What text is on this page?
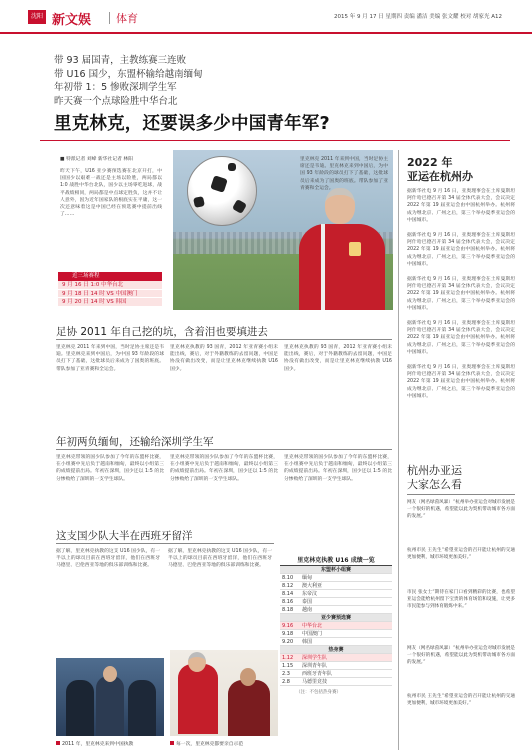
沈阳 新文娱 体育	2015 年 9 月 17 日 星期四 责编 潘洁 美编 张文耀 校对 胡家光 A12
带 93 届国青，主教练赛三连败
带 U16 国少，东盟杯输给越南缅甸
年初带 1：5 惨败深圳学生军
昨天赛一个点球险胜中华台北
里克林克，还要误多少中国青年军?
■ 特派记者 刘峰 新华社记者 林阳
昨天下午，U16 亚少赛预选赛在北京开打，中国国少以艰难一战还是主场以险胜，两局都以 1:0 战胜中华台北队，国少以主场零吃进球，战平战绩相同，两局都是中点球定胜负，这并不让人意外，因为近年国家队的根底实在平庸，这一次还意味着这是中国已经在预选赛中提前出线了……
近三场赛程
9 月 16 日 1:0 中华台北
9 月 18 日 14 时 VS 中国澳门
9 月 20 日 14 时 VS 韩国
里克林克 2011 年来到中国，当时足协主席还是韦迪。里克林克来到中国后，为中国 93 年龄段的球员打下了基础，这批球员后来成为了国奥的班底。带队参加了亚青赛和全运会。
足协 2011 年自己挖的坑，含着泪也要填进去
里克林克 2011 年来到中国，当时足协主席还是韦迪。里克林克来到中国后，为中国 93 年龄段的球员打下了基础，这批球员后来成为了国奥的班底。带队参加了亚青赛和全运会。
里克林克执教的 93 国青，2012 年亚青赛小组未能出线，赛后，对于外籍教练的去留问题，中国足协没有做出改变，而是让里克林克继续执教 U16 国少。
里克林克执教的 93 国青，2012 年亚青赛小组未能出线，赛后，对于外籍教练的去留问题，中国足协没有做出改变，而是让里克林克继续执教 U16 国少。
年初两负缅甸，还输给深圳学生军
里克林克带领的国少队参加了今年的东盟杯比赛，在小组赛中先后负于越南和缅甸，最终以小组第三的成绩提前出局。年初在深圳，国少还以 1:5 的比分惨败给了深圳的一支学生球队。
里克林克带领的国少队参加了今年的东盟杯比赛，在小组赛中先后负于越南和缅甸，最终以小组第三的成绩提前出局。年初在深圳，国少还以 1:5 的比分惨败给了深圳的一支学生球队。
里克林克带领的国少队参加了今年的东盟杯比赛，在小组赛中先后负于越南和缅甸，最终以小组第三的成绩提前出局。年初在深圳，国少还以 1:5 的比分惨败给了深圳的一支学生球队。
这支国少队大半在西班牙留洋
据了解，里克林克执教的这支 U16 国少队，有一半以上的球员目前在西班牙留洋，他们在西班牙马德里、巴伦西亚等地的俱乐部训练和比赛。
据了解，里克林克执教的这支 U16 国少队，有一半以上的球员目前在西班牙留洋，他们在西班牙马德里、巴伦西亚等地的俱乐部训练和比赛。
里克林克执教 U16 成绩一览
东盟杯小组赛
8.10	缅甸
8.12	澳大利亚
8.14	东帝汶
8.16	泰国
8.18	越南
亚少赛预选赛
9.16	中华台北
9.18	中国澳门
9.20	韩国
热身赛
1.12	深圳学生队
1.15	深圳青年队
2.3	西班牙青年队
2.8	马德里竞技
（注：不包括热身赛）
2011 年，里克林克来到中国执教	每一次，里克林克都要亲自示范
2022 年
亚运在杭州办
据新华社电 9 月 16 日，亚奥理事会在土库曼斯坦阿什哈巴德召开第 34 届全体代表大会，会议决定 2022 年第 19 届亚运会由中国杭州举办。杭州将成为继北京、广州之后，第三个举办夏季亚运会的中国城市。
据新华社电 9 月 16 日，亚奥理事会在土库曼斯坦阿什哈巴德召开第 34 届全体代表大会，会议决定 2022 年第 19 届亚运会由中国杭州举办。杭州将成为继北京、广州之后，第三个举办夏季亚运会的中国城市。
据新华社电 9 月 16 日，亚奥理事会在土库曼斯坦阿什哈巴德召开第 34 届全体代表大会，会议决定 2022 年第 19 届亚运会由中国杭州举办。杭州将成为继北京、广州之后，第三个举办夏季亚运会的中国城市。
据新华社电 9 月 16 日，亚奥理事会在土库曼斯坦阿什哈巴德召开第 34 届全体代表大会，会议决定 2022 年第 19 届亚运会由中国杭州举办。杭州将成为继北京、广州之后，第三个举办夏季亚运会的中国城市。
据新华社电 9 月 16 日，亚奥理事会在土库曼斯坦阿什哈巴德召开第 34 届全体代表大会，会议决定 2022 年第 19 届亚运会由中国杭州举办。杭州将成为继北京、广州之后，第三个举办夏季亚运会的中国城市。
杭州办亚运
大家怎么看
网友（网名绿茵风暴）“杭州举办亚运会对城市发展是一个很好的机遇，希望能以此为契机带动城市各方面的发展。”
杭州市民 王先生“希望亚运会的召开能让杭州的交通更加便利，城市环境更加美好。”
市民 张女士“期待在家门口看到精彩的比赛，也希望亚运会能给杭州留下宝贵的体育场馆和设施，让更多市民能参与到体育锻炼中来。”
网友（网名绿茵风暴）“杭州举办亚运会对城市发展是一个很好的机遇，希望能以此为契机带动城市各方面的发展。”
杭州市民 王先生“希望亚运会的召开能让杭州的交通更加便利，城市环境更加美好。”
